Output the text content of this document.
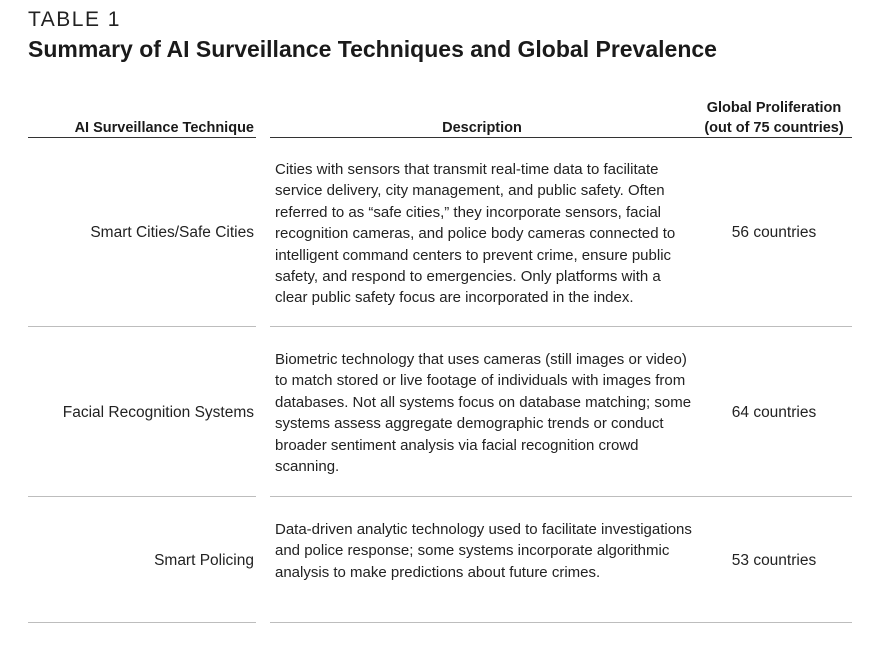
TABLE 1
Summary of AI Surveillance Techniques and Global Prevalence
AI Surveillance Technique	Description
Global Proliferation
(out of 75 countries)
Smart Cities/Safe Cities
Cities with sensors that transmit real-time data to facilitate service delivery, city management, and public safety. Often referred to as “safe cities,” they incorporate sensors, facial recognition cameras, and police body cameras connected to intelligent command centers to prevent crime, ensure public safety, and respond to emergencies. Only platforms with a clear public safety focus are incorporated in the index.
56 countries
Facial Recognition Systems
Biometric technology that uses cameras (still images or video) to match stored or live footage of individuals with images from databases. Not all systems focus on database matching; some systems assess aggregate demographic trends or conduct broader sentiment analysis via facial recognition crowd scanning.
64 countries
Smart Policing
Data-driven analytic technology used to facilitate investigations and police response; some systems incorporate algorithmic analysis to make predictions about future crimes.
53 countries
